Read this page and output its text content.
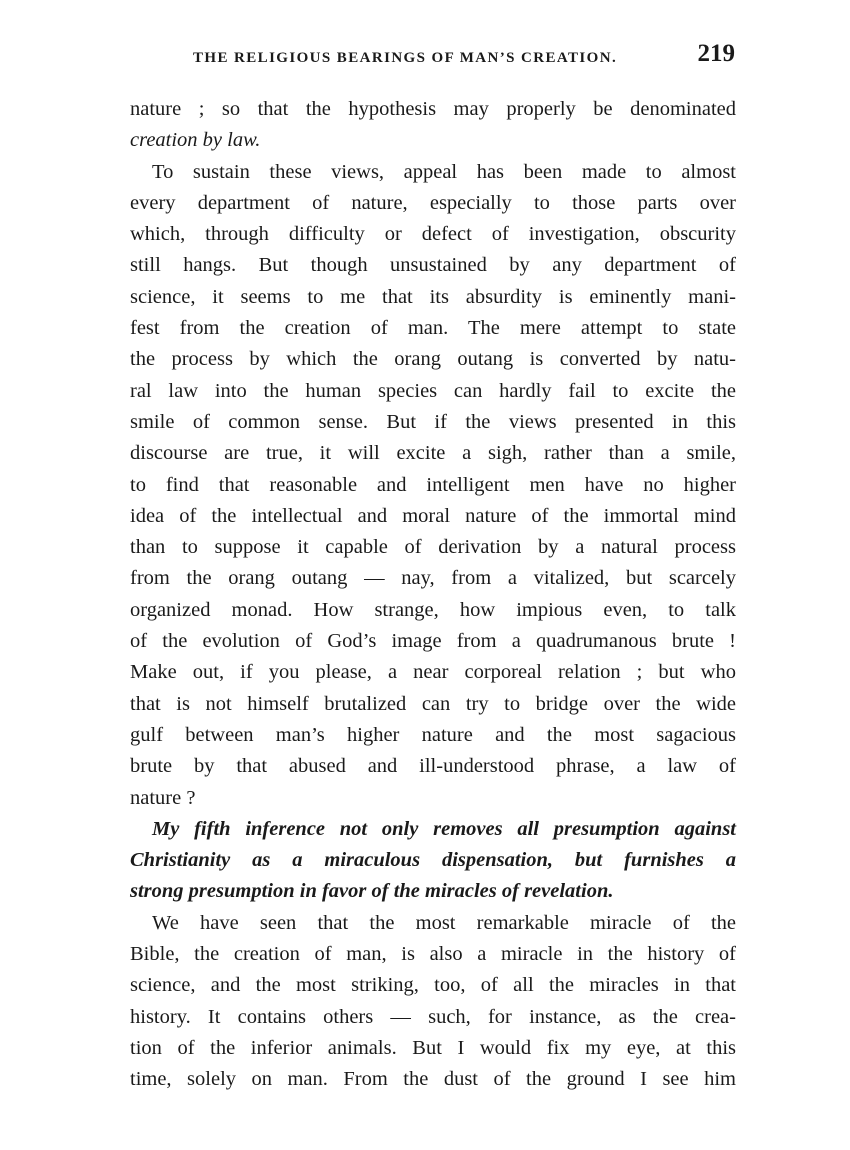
THE RELIGIOUS BEARINGS OF MAN’S CREATION.	219
nature ; so that the hypothesis may properly be denominated
creation by law.
To sustain these views, appeal has been made to almost
every department of nature, especially to those parts over
which, through difficulty or defect of investigation, obscurity
still hangs. But though unsustained by any department of
science, it seems to me that its absurdity is eminently mani-
fest from the creation of man. The mere attempt to state
the process by which the orang outang is converted by natu-
ral law into the human species can hardly fail to excite the
smile of common sense. But if the views presented in this
discourse are true, it will excite a sigh, rather than a smile,
to find that reasonable and intelligent men have no higher
idea of the intellectual and moral nature of the immortal mind
than to suppose it capable of derivation by a natural process
from the orang outang — nay, from a vitalized, but scarcely
organized monad. How strange, how impious even, to talk
of the evolution of God’s image from a quadrumanous brute !
Make out, if you please, a near corporeal relation ; but who
that is not himself brutalized can try to bridge over the wide
gulf between man’s higher nature and the most sagacious
brute by that abused and ill-understood phrase, a law of
nature ?
My fifth inference not only removes all presumption against
Christianity as a miraculous dispensation, but furnishes a
strong presumption in favor of the miracles of revelation.
We have seen that the most remarkable miracle of the
Bible, the creation of man, is also a miracle in the history of
science, and the most striking, too, of all the miracles in that
history. It contains others — such, for instance, as the crea-
tion of the inferior animals. But I would fix my eye, at this
time, solely on man. From the dust of the ground I see him
